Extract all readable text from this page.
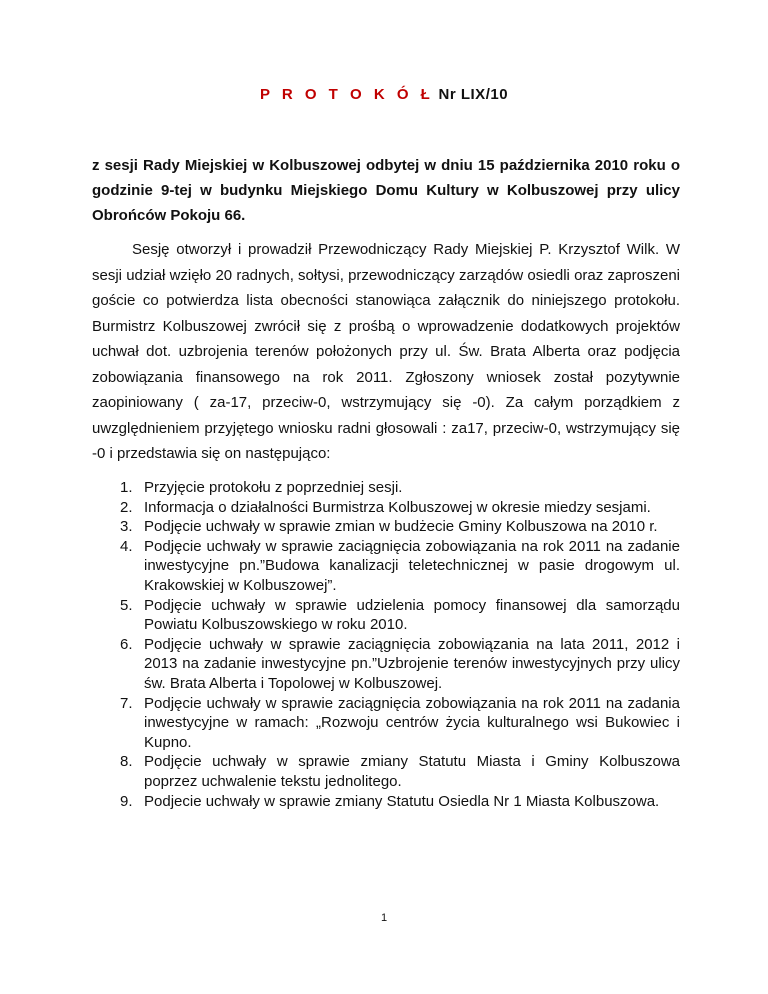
P R O T O K Ó Ł Nr LIX/10
z sesji Rady Miejskiej w Kolbuszowej odbytej w dniu 15 października 2010 roku o godzinie 9-tej w budynku Miejskiego Domu Kultury w Kolbuszowej przy ulicy Obrońców Pokoju 66.
Sesję otworzył i prowadził Przewodniczący Rady Miejskiej P. Krzysztof Wilk. W sesji udział wzięło 20 radnych, sołtysi, przewodniczący zarządów osiedli oraz zaproszeni goście co potwierdza lista obecności stanowiąca załącznik do niniejszego protokołu. Burmistrz Kolbuszowej zwrócił się z prośbą o wprowadzenie dodatkowych projektów uchwał dot. uzbrojenia terenów położonych przy ul. Św. Brata Alberta oraz podjęcia zobowiązania finansowego na rok 2011. Zgłoszony wniosek został pozytywnie zaopiniowany ( za-17, przeciw-0, wstrzymujący się -0). Za całym porządkiem z uwzględnieniem przyjętego wniosku radni głosowali : za17, przeciw-0, wstrzymujący się -0 i przedstawia się on następująco:
1. Przyjęcie protokołu z poprzedniej sesji.
2. Informacja o działalności Burmistrza Kolbuszowej w okresie miedzy sesjami.
3. Podjęcie uchwały w sprawie zmian w budżecie Gminy Kolbuszowa na 2010 r.
4. Podjęcie uchwały w sprawie zaciągnięcia zobowiązania na rok 2011 na zadanie inwestycyjne pn.”Budowa kanalizacji teletechnicznej w pasie drogowym ul. Krakowskiej w Kolbuszowej”.
5. Podjęcie uchwały w sprawie udzielenia pomocy finansowej dla samorządu Powiatu Kolbuszowskiego w roku 2010.
6. Podjęcie uchwały w sprawie zaciągnięcia zobowiązania na lata 2011, 2012 i 2013 na zadanie inwestycyjne pn.”Uzbrojenie terenów inwestycyjnych przy ulicy św. Brata Alberta i Topolowej w Kolbuszowej.
7. Podjęcie uchwały w sprawie zaciągnięcia zobowiązania na rok 2011 na zadania inwestycyjne w ramach: „Rozwoju centrów życia kulturalnego wsi Bukowiec i Kupno.
8. Podjęcie uchwały w sprawie zmiany Statutu Miasta i Gminy Kolbuszowa poprzez uchwalenie tekstu jednolitego.
9. Podjecie uchwały w sprawie zmiany Statutu Osiedla Nr 1 Miasta Kolbuszowa.
1
